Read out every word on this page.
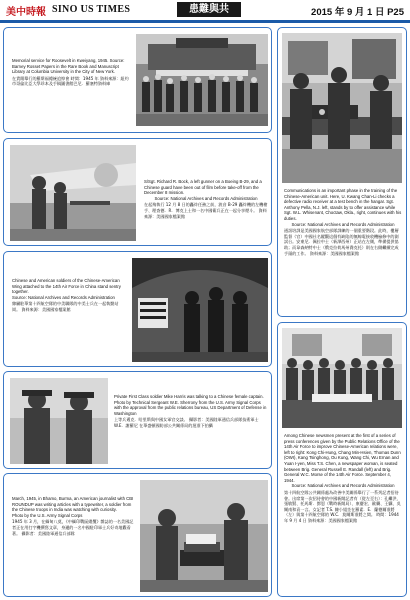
美中時報 SINO US TIMES	患難與共	2015 年 9 月 1 日 P25

Memorial service for Roosevelt in Kweiyang, 1945. Source: Barney Rosset Papers in the Rare Book and Manuscript Library at Columbia University in the City of New York.

在貴陽舉行的羅斯福總統追悼會 時間：1945 年 資料來源：紐約市哥倫比亞大學珍本及手稿圖書館巴尼．羅塞特資料庫

S/Sgt. Richard R. Bock, a left gunner on a Boeing B-29, and a Chinese guard have been out of film before take-off from the December 8 mission.

Source: National Archives and Records Administration

在起飛執行 12 月 8 日的轟炸任務之前，波音 B-29 轟炸機的左機槍手、理查德．R．博克上士和一名中國衛兵正在一起分享煙斗。 資料來源：美國國家檔案館

Chinese and American soldiers of the Chinese-American Wing attached to the 14th Air Force in China stand sentry together.

Source: National Archives and Records Administration

隸屬駐華第十四航空隊的中美聯隊的中美士兵在一起執勤站崗。 資料來源：美國國家檔案館

Private First Class soldier Mike Harris was talking to a Chinese female captain.

Photo by Technical Sergeant W.E. Sherrony from the U.S. Army Signal Corps with the approval from the public relations bureau, US Department of Defense in Washington

上等兵邁克．哈里斯與中國女軍官交談。 攝影者：美國陸軍通信兵部隊技術軍士 W.E．謝羅尼 在華盛頓國防部公共關係局的批准下拍攝

March, 1945, in Bhamo, Burma, an American journalist with CBI ROUNDUP was writing articles with a typewriter, a soldier from the Chinese troops in India was watching with curiosity.

Photo by the U.S. Army Signal Corps

1945 年 3 月，在緬甸八莫，《中緬印戰區總攬》雜誌的一名美國記者正在用打字機撰寫文章，身邊的一名中國駐印軍士兵好奇地觀看著。 攝影者：美國陸軍通信兵部隊

Communications is an important phase in the training of the Chinese-American unit. Here, U. Kwang Chan-Li checks a defective radio receiver at a test bench in the hangar. Sgt. Anthony Pella, N.J. left, stands by to offer assistance while Sgt. W.L. Whisenant, Choctaw, Okla., right, continues with his duties.

Source: National Archives and Records Administration

通訊培訓是美國國家航空部隊訓練的一個重要階段。此時，樓層監督（官）中國社名縱觀這個有缺陷的無線電接收機檢修中的測試台。安東尼．佩拉中士（新澤西州）正站在左側，準備提供協助；而韋森納特中士（俄克拉荷馬州喬克托）則在右側繼續完成手頭的工作。 資料來源：美國國家檔案館

Among Chinese newsmen present at the first of a series of press conferences given by the Public Relations Office of the 14th Air Force to improve Chinese-American relations were, left to right: Kong Chi-Hung, Chang Min-Hsien, Thomas Dunn (OWI), Kang Tsinghong, Ou Kung, Wang Chi, Wu Ernan and Yuan I-yen, Miss T.S. Chen, a newspaper woman, is seated between Brig. General Russell E. Randall (left) and Brig. General W.C. Morse of the 14th Air Force. September 4, 1944.

Source: National Archives and Records Administration

第十四航空隊公共關係處為改善中美關係舉行了一系列記者招待會。出席第一次招待會的中國新聞記者有（從左至右）：孔繼洪、張敏賢、托馬斯．鄧恩（戰時新聞局）、康慶宏、歐龔、王驥、吳爾南和袁一言。女記者 T.S. 陳小姐坐在羅素．E．蘭德爾准將（左）與第十四航空隊的 W.C．莫爾斯准將之間。 時間：1944 年 9 月 4 日 資料來源：美國國家檔案館
